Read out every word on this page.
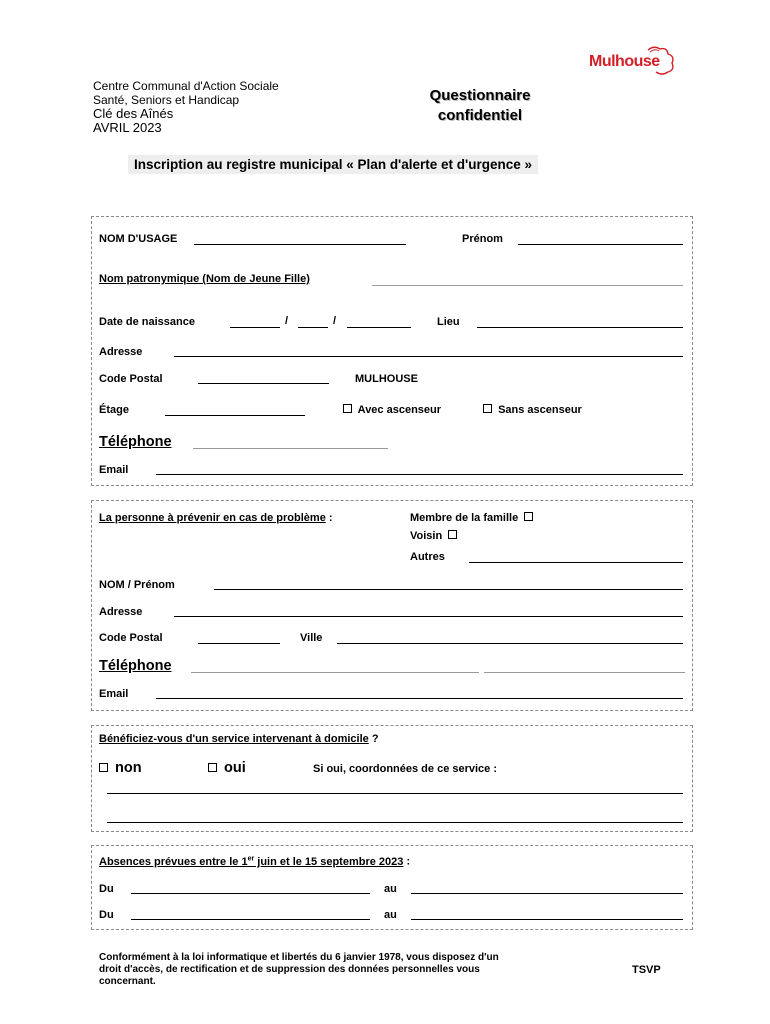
Centre Communal d'Action Sociale
Santé, Seniors et Handicap
Clé des Aînés
AVRIL 2023
Questionnaire
confidentiel
Mulhouse
Inscription au registre municipal « Plan d'alerte et d'urgence »
NOM D'USAGE	Prénom
Nom patronymique (Nom de Jeune Fille)
Date de naissance	/	/	Lieu
Adresse
Code Postal	MULHOUSE
Étage	Avec ascenseur	Sans ascenseur
Téléphone
Email
La personne à prévenir en cas de problème :	Membre de la famille
Voisin
Autres
NOM / Prénom
Adresse
Code Postal	Ville
Téléphone
Email
Bénéficiez-vous d'un service intervenant à domicile ?
non	oui	Si oui, coordonnées de ce service :
Absences prévues entre le 1er juin et le 15 septembre 2023 :
Du	au
Du	au
Conformément à la loi informatique et libertés du 6 janvier 1978, vous disposez d'un
droit d'accès, de rectification et de suppression des données personnelles vous
concernant.
TSVP
